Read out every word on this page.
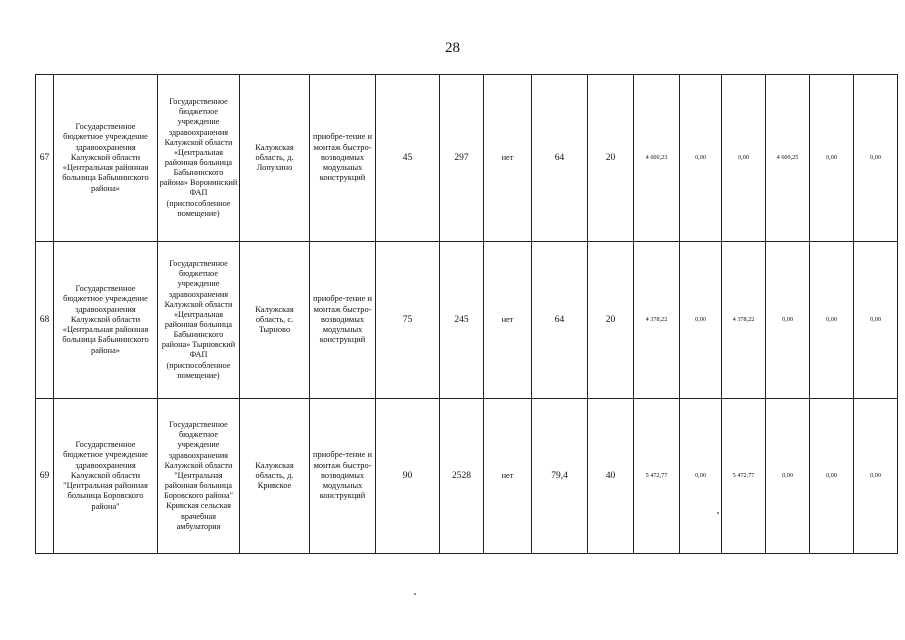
28
67	Государственное бюджетное учреждение здравоохранения Калужской области «Центральная районная больница Бабынинского района»	Государственное бюджетное учреждение здравоохранения Калужской области «Центральная районная больница Бабынинского района» Воронинский ФАП (приспособленное помещение)	Калужская область, д. Лопухино	приобре-тение и монтаж быстро-возводимых модульных конструкций	45	297	нет	64	20	4 600,23	0,00	0,00	4 600,25	0,00	0,00
68	Государственное бюджетное учреждение здравоохранения Калужской области «Центральная районная больница Бабынинского района»	Государственное бюджетное учреждение здравоохранения Калужской области «Центральная районная больница Бабынинского района» Тырновский ФАП (приспособленное помещение)	Калужская область, с. Тырново	приобре-тение и монтаж быстро-возводимых модульных конструкций	75	245	нет	64	20	4 378,22	0,00	4 378,22	0,00	0,00	0,00
69	Государственное бюджетное учреждение здравоохранения Калужской области "Центральная районная больница Боровского района"	Государственное бюджетное учреждение здравоохранения Калужской области "Центральная районная больница Боровского района" Кривская сельская врачебная амбулатория	Калужская область, д. Кривское	приобре-тение и монтаж быстро-возводимых модульных конструкций	90	2528	нет	79,4	40	5 472,77	0,00	5 472,77	0,00	0,00	0,00
